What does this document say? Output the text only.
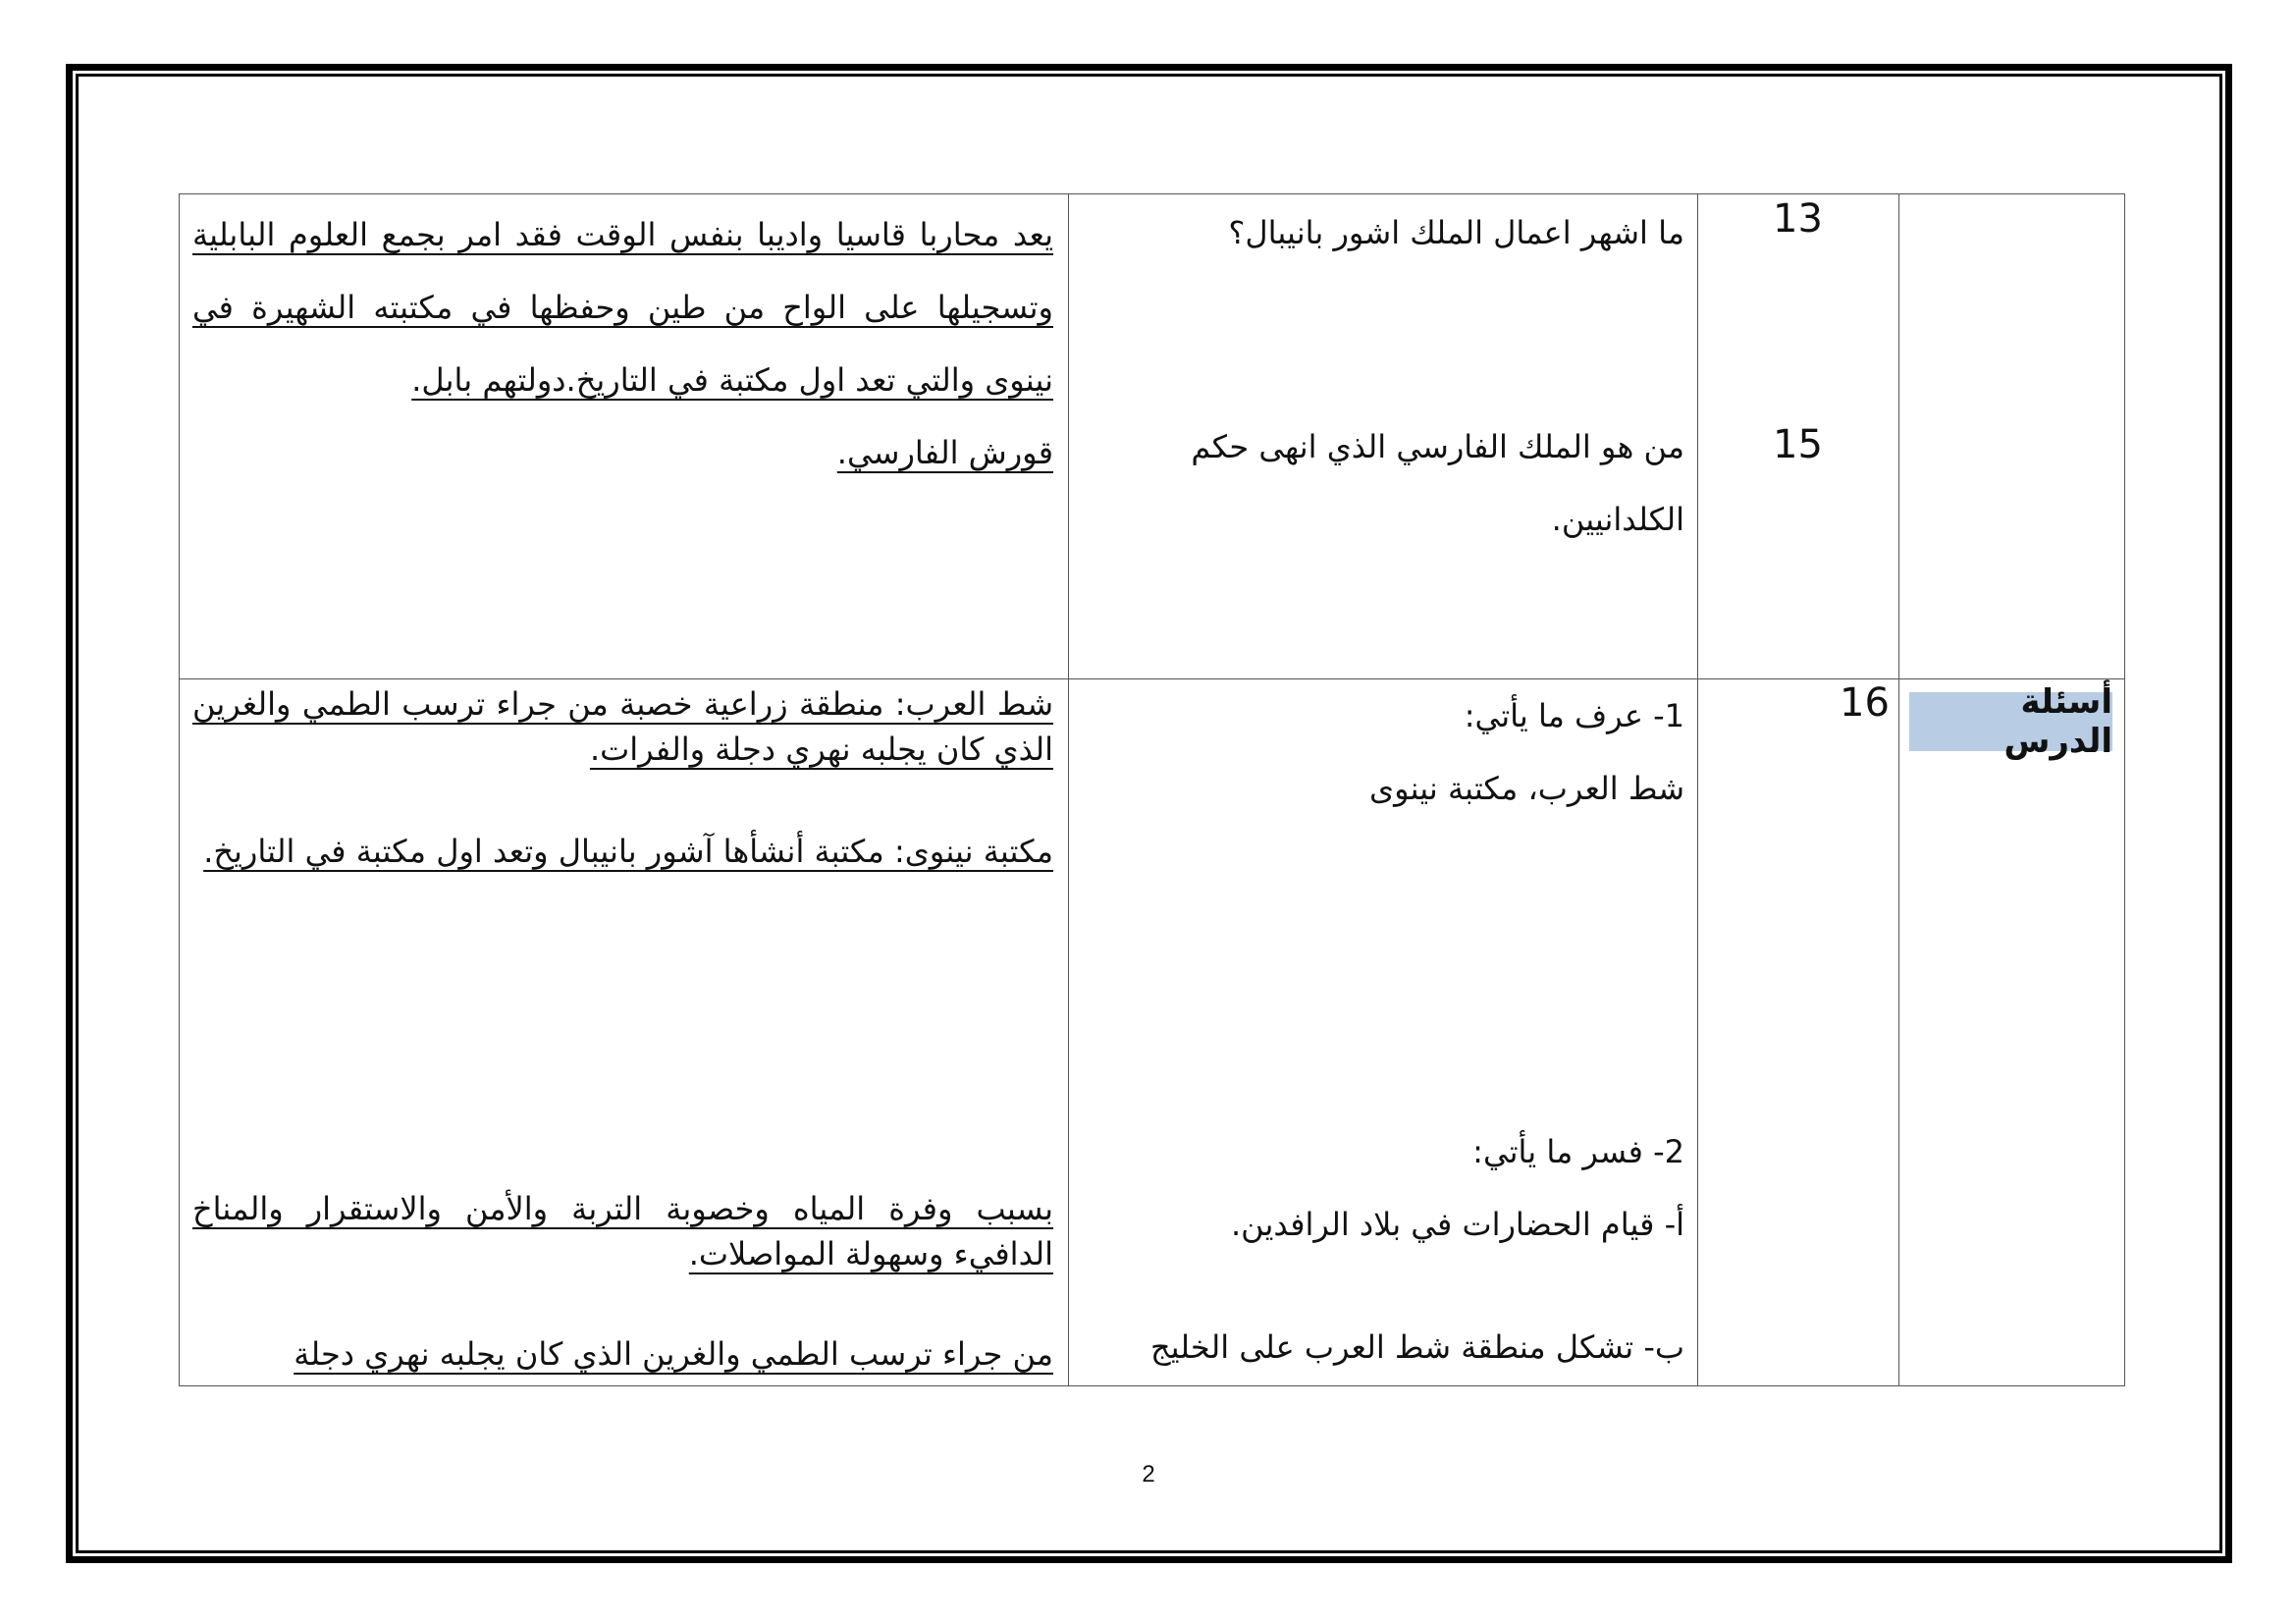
13
15

ما اشهر اعمال الملك اشور بانيبال؟

من هو الملك الفارسي الذي انهى حكم الكلدانيين.

يعد محاربا قاسيا واديبا بنفس الوقت فقد امر بجمع العلوم البابلية وتسجيلها على الواح من طين وحفظها في مكتبته الشهيرة في نينوى والتي تعد اول مكتبة في التاريخ.دولتهم بابل.

قورش الفارسي.

أسئلة الدرس
16

1- عرف ما يأتي:

شط العرب، مكتبة نينوى

2- فسر ما يأتي:

أ- قيام الحضارات في بلاد الرافدين.

ب- تشكل منطقة شط العرب على الخليج

شط العرب: منطقة زراعية خصبة من جراء ترسب الطمي والغرين الذي كان يجلبه نهري دجلة والفرات.
مكتبة نينوى: مكتبة أنشأها آشور بانيبال وتعد اول مكتبة في التاريخ.
بسبب وفرة المياه وخصوبة التربة والأمن والاستقرار والمناخ الدافيء وسهولة المواصلات.
من جراء ترسب الطمي والغرين الذي كان يجلبه نهري دجلة
2
